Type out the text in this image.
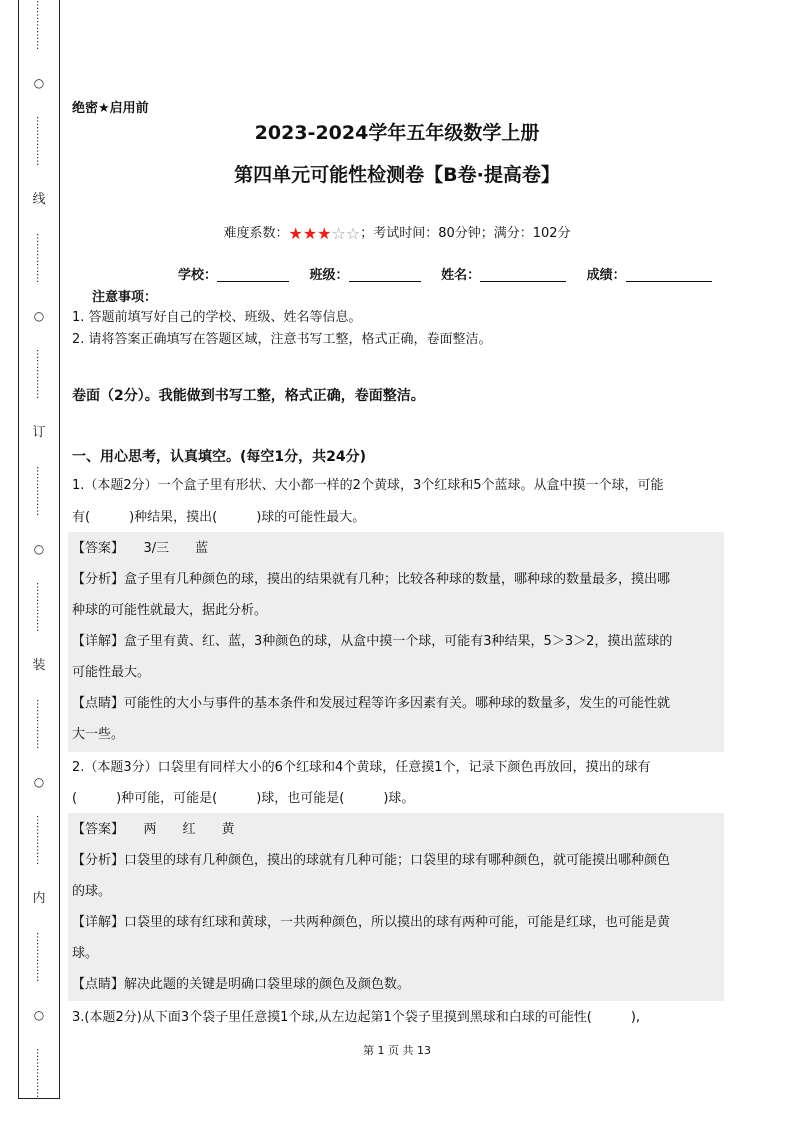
……………
○
……………
线
……………
○
……………
订
……………
○
……………
装
……………
○
……………
内
……………
○
……………
绝密★启用前
2023-2024学年五年级数学上册
第四单元可能性检测卷【B卷·提高卷】
难度系数：★★★☆☆；考试时间：80分钟；满分：102分
学校：	班级：	姓名：	成绩：
注意事项：
1. 答题前填写好自己的学校、班级、姓名等信息。
2. 请将答案正确填写在答题区域，注意书写工整，格式正确，卷面整洁。
卷面（2分）。我能做到书写工整，格式正确，卷面整洁。
一、用心思考，认真填空。(每空1分，共24分)
1.（本题2分）一个盒子里有形状、大小都一样的2个黄球，3个红球和5个蓝球。从盒中摸一个球，可能
有(　　　)种结果，摸出(　　　)球的可能性最大。
【答案】　　3/三　　蓝
【分析】盒子里有几种颜色的球，摸出的结果就有几种；比较各种球的数量，哪种球的数量最多，摸出哪
种球的可能性就最大，据此分析。
【详解】盒子里有黄、红、蓝，3种颜色的球，从盒中摸一个球，可能有3种结果，5＞3＞2，摸出蓝球的
可能性最大。
【点睛】可能性的大小与事件的基本条件和发展过程等许多因素有关。哪种球的数量多，发生的可能性就
大一些。
2.（本题3分）口袋里有同样大小的6个红球和4个黄球，任意摸1个，记录下颜色再放回，摸出的球有
(　　　)种可能，可能是(　　　)球，也可能是(　　　)球。
【答案】　　两　　红　　黄
【分析】口袋里的球有几种颜色，摸出的球就有几种可能；口袋里的球有哪种颜色，就可能摸出哪种颜色
的球。
【详解】口袋里的球有红球和黄球，一共两种颜色，所以摸出的球有两种可能，可能是红球，也可能是黄
球。
【点睛】解决此题的关键是明确口袋里球的颜色及颜色数。
3.(本题2分)从下面3个袋子里任意摸1个球,从左边起第1个袋子里摸到黑球和白球的可能性(　　　),
第 1 页 共 13
